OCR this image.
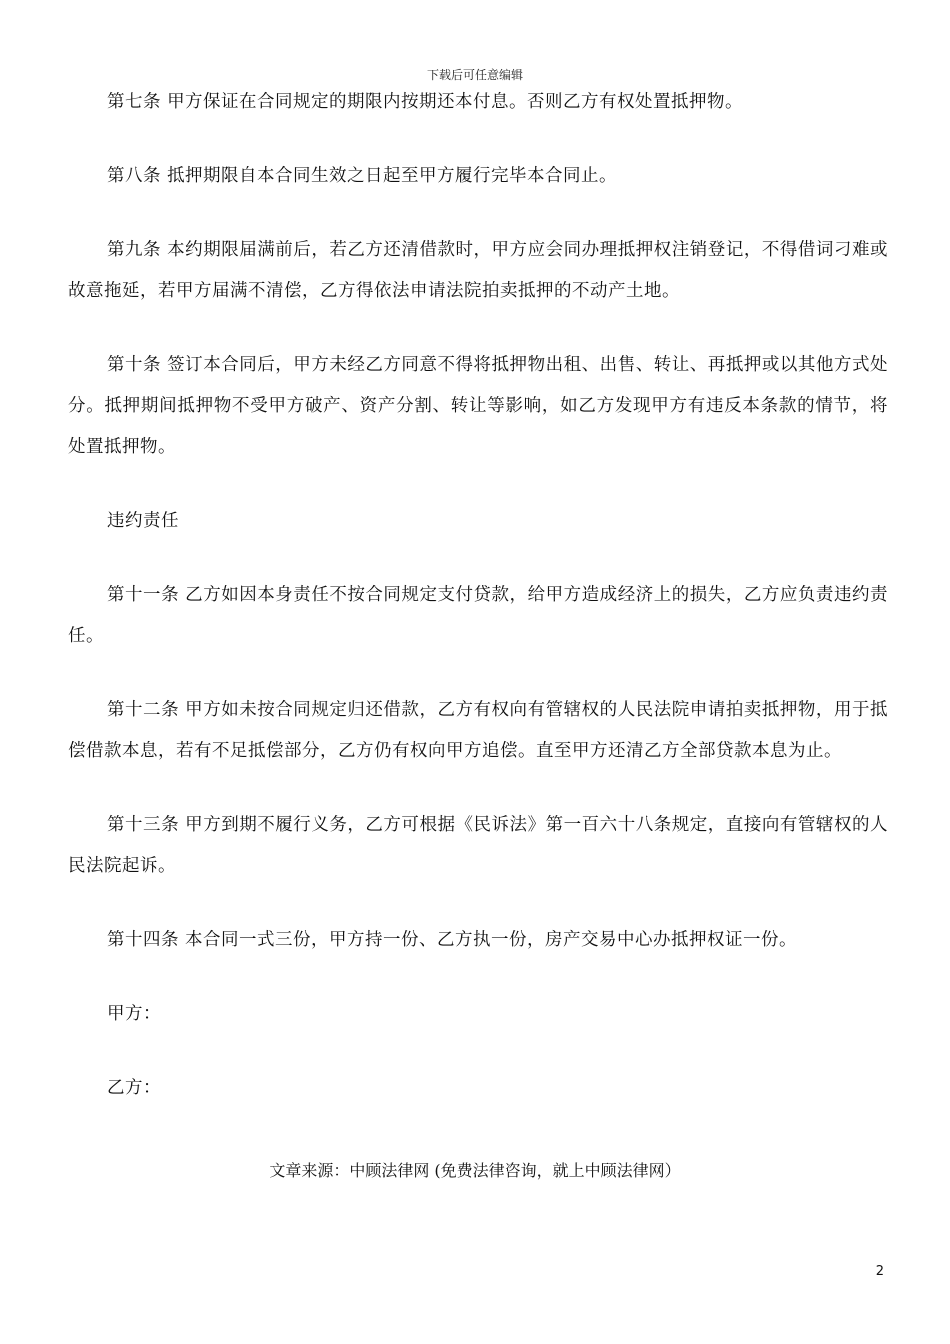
下载后可任意编辑

第七条 甲方保证在合同规定的期限内按期还本付息。否则乙方有权处置抵押物。

第八条 抵押期限自本合同生效之日起至甲方履行完毕本合同止。

第九条 本约期限届满前后，若乙方还清借款时，甲方应会同办理抵押权注销登记，不得借词刁难或故意拖延，若甲方届满不清偿，乙方得依法申请法院拍卖抵押的不动产土地。

第十条 签订本合同后，甲方未经乙方同意不得将抵押物出租、出售、转让、再抵押或以其他方式处分。抵押期间抵押物不受甲方破产、资产分割、转让等影响，如乙方发现甲方有违反本条款的情节，将处置抵押物。

违约责任

第十一条 乙方如因本身责任不按合同规定支付贷款，给甲方造成经济上的损失，乙方应负责违约责任。

第十二条 甲方如未按合同规定归还借款，乙方有权向有管辖权的人民法院申请拍卖抵押物，用于抵偿借款本息，若有不足抵偿部分，乙方仍有权向甲方追偿。直至甲方还清乙方全部贷款本息为止。

第十三条 甲方到期不履行义务，乙方可根据《民诉法》第一百六十八条规定，直接向有管辖权的人民法院起诉。

第十四条 本合同一式三份，甲方持一份、乙方执一份，房产交易中心办抵押权证一份。

甲方：

乙方：

文章来源：中顾法律网 (免费法律咨询，就上中顾法律网）
2
